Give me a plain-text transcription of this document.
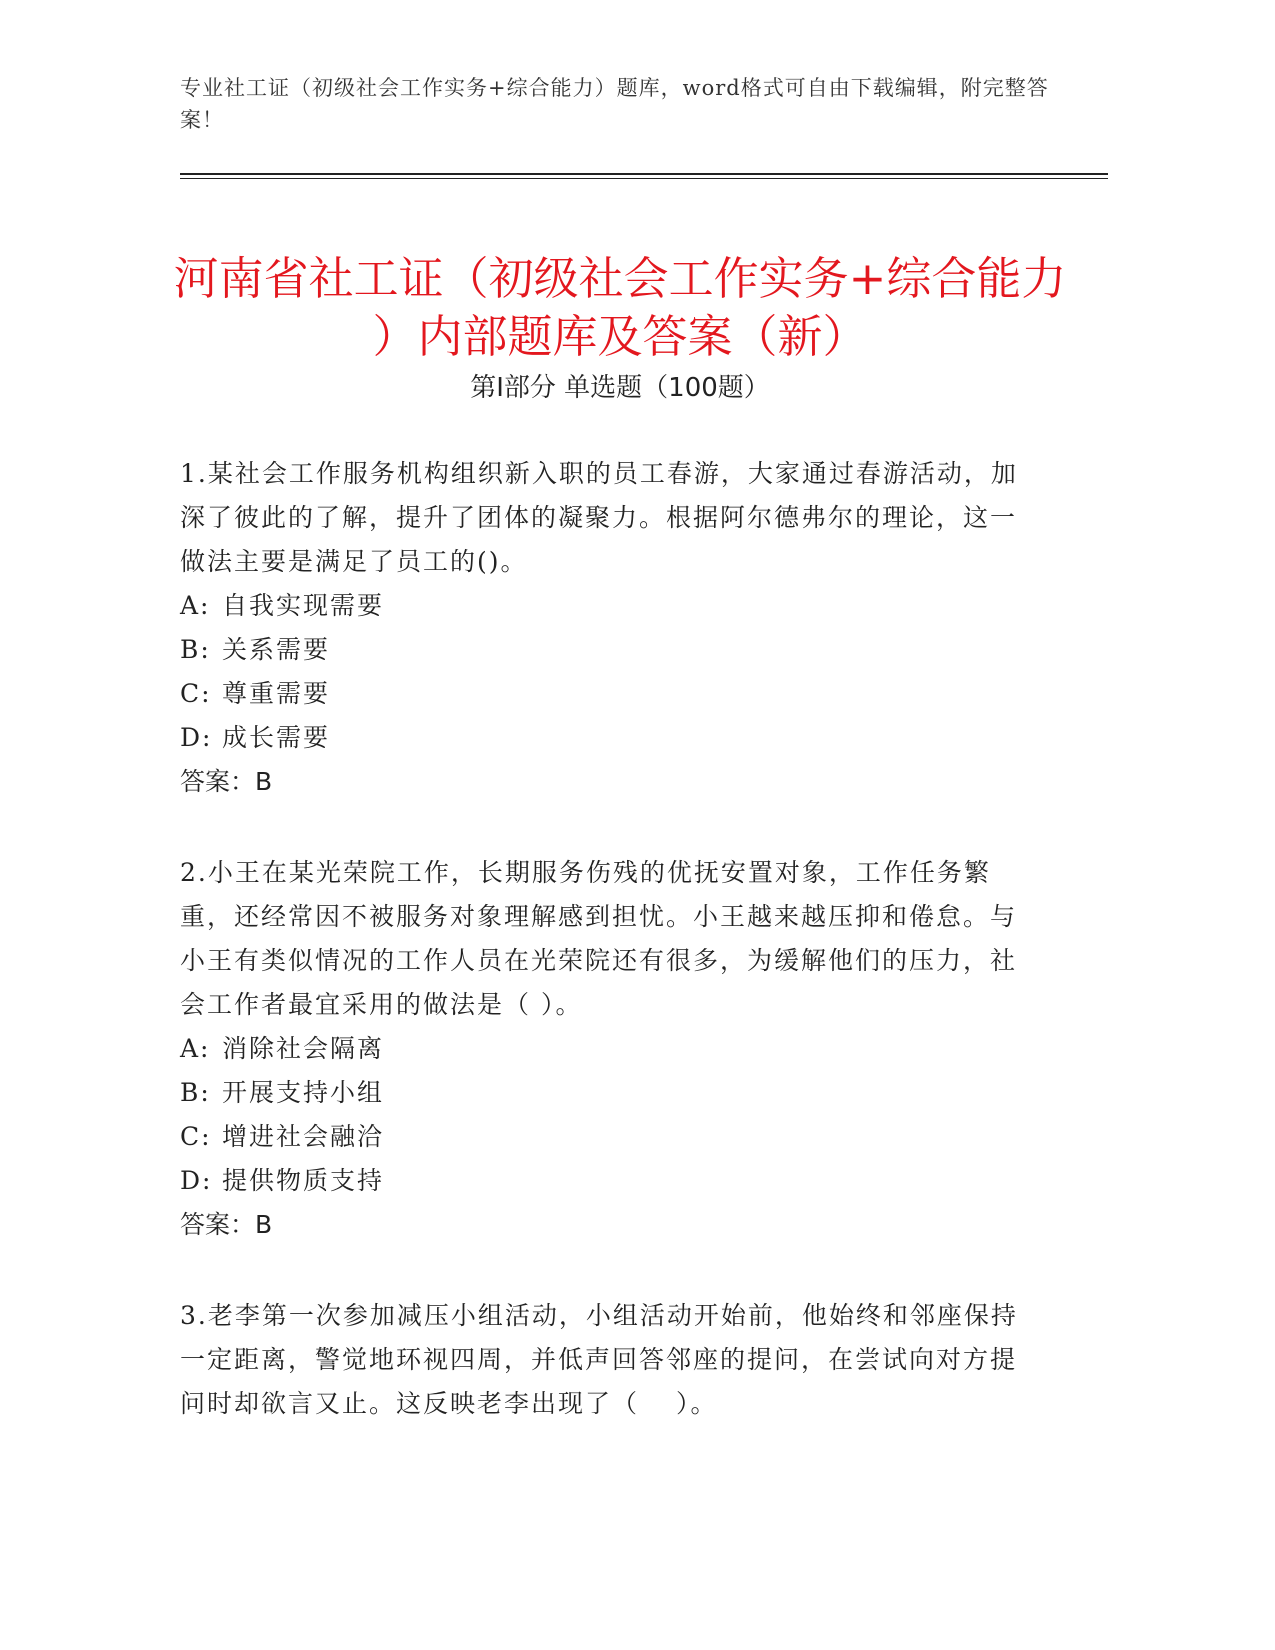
专业社工证（初级社会工作实务+综合能力）题库，word格式可自由下载编辑，附完整答案！
河南省社工证（初级社会工作实务+综合能力
）内部题库及答案（新）
第Ⅰ部分 单选题（100题）

1.某社会工作服务机构组织新入职的员工春游，大家通过春游活动，加深了彼此的了解，提升了团体的凝聚力。根据阿尔德弗尔的理论，这一做法主要是满足了员工的()。

A: 自我实现需要

B: 关系需要

C: 尊重需要

D: 成长需要

答案：B

2.小王在某光荣院工作，长期服务伤残的优抚安置对象，工作任务繁重，还经常因不被服务对象理解感到担忧。小王越来越压抑和倦怠。与小王有类似情况的工作人员在光荣院还有很多，为缓解他们的压力，社会工作者最宜采用的做法是（ ）。

A: 消除社会隔离

B: 开展支持小组

C: 增进社会融洽

D: 提供物质支持

答案：B

3.老李第一次参加减压小组活动，小组活动开始前，他始终和邻座保持一定距离，警觉地环视四周，并低声回答邻座的提问，在尝试向对方提问时却欲言又止。这反映老李出现了（　 ）。
